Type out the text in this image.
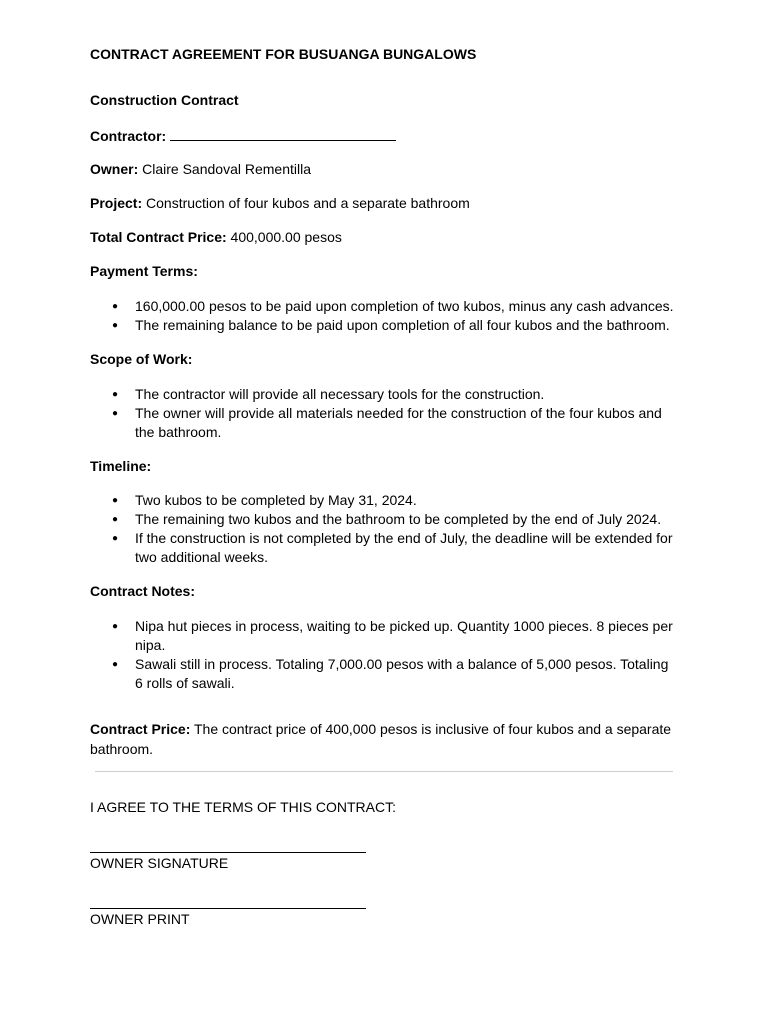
CONTRACT AGREEMENT FOR BUSUANGA BUNGALOWS

Construction Contract

Contractor:

Owner: Claire Sandoval Rementilla

Project: Construction of four kubos and a separate bathroom

Total Contract Price: 400,000.00 pesos

Payment Terms:

● 160,000.00 pesos to be paid upon completion of two kubos, minus any cash advances.
● The remaining balance to be paid upon completion of all four kubos and the bathroom.

Scope of Work:

● The contractor will provide all necessary tools for the construction.
● The owner will provide all materials needed for the construction of the four kubos and the bathroom.

Timeline:

● Two kubos to be completed by May 31, 2024.
● The remaining two kubos and the bathroom to be completed by the end of July 2024.
● If the construction is not completed by the end of July, the deadline will be extended for two additional weeks.

Contract Notes:

● Nipa hut pieces in process, waiting to be picked up. Quantity 1000 pieces. 8 pieces per nipa.
● Sawali still in process. Totaling 7,000.00 pesos with a balance of 5,000 pesos. Totaling 6 rolls of sawali.

Contract Price: The contract price of 400,000 pesos is inclusive of four kubos and a separate bathroom.

I AGREE TO THE TERMS OF THIS CONTRACT:

OWNER SIGNATURE

OWNER PRINT
